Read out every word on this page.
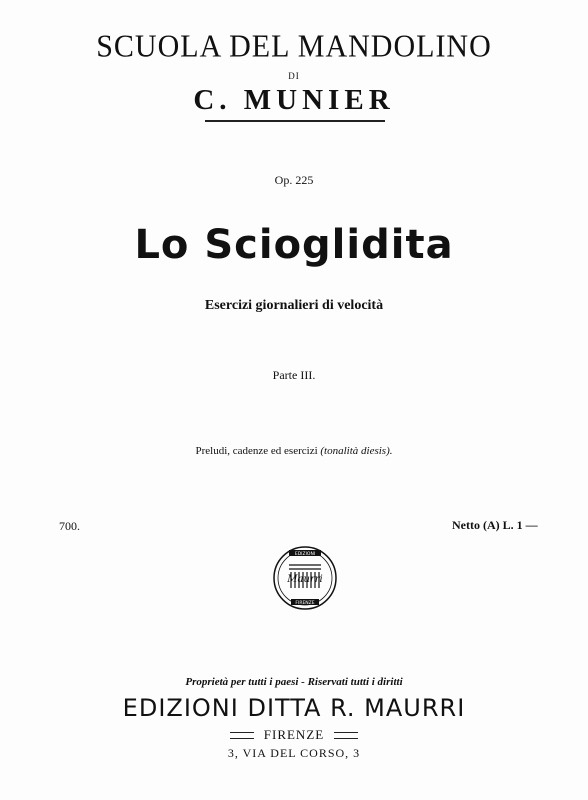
SCUOLA DEL MANDOLINO
DI
C. MUNIER
Op. 225
Lo Scioglidita
Esercizi giornalieri di velocità
Parte III.
Preludi, cadenze ed esercizi (tonalità diesis).
700.	Netto (A) L. 1 —
EDIZIONI
Maurri
FIRENZE
Proprietà per tutti i paesi - Riservati tutti i diritti
EDIZIONI DITTA R. MAURRI
FIRENZE
3, VIA DEL CORSO, 3
